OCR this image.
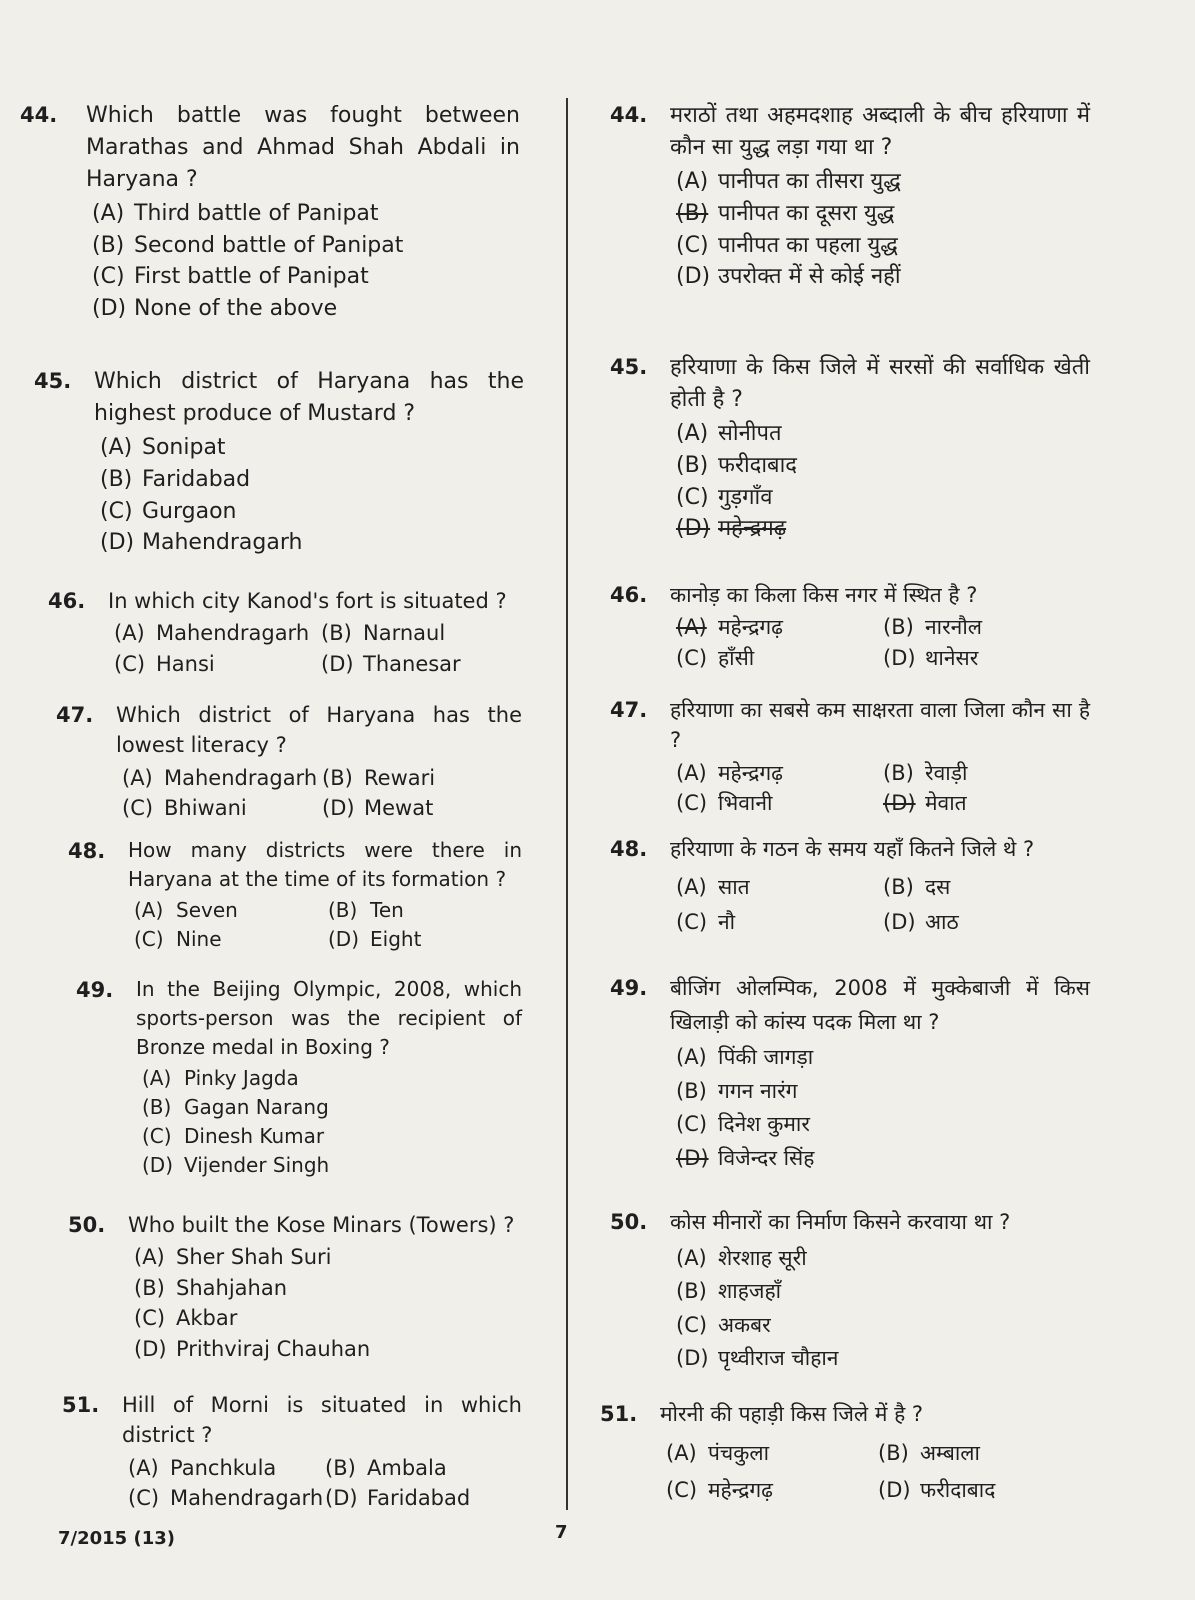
44. Which battle was fought between Marathas and Ahmad Shah Abdali in Haryana ?
(A) Third battle of Panipat
(B) Second battle of Panipat
(C) First battle of Panipat
(D) None of the above
45. Which district of Haryana has the highest produce of Mustard ?
(A) Sonipat
(B) Faridabad
(C) Gurgaon
(D) Mahendragarh
46. In which city Kanod's fort is situated ?
(A) Mahendragarh (B) Narnaul
(C) Hansi	(D) Thanesar
47. Which district of Haryana has the lowest literacy ?
(A) Mahendragarh (B) Rewari
(C) Bhiwani	(D) Mewat
48. How many districts were there in Haryana at the time of its formation ?
(A) Seven	(B) Ten
(C) Nine	(D) Eight
49. In the Beijing Olympic, 2008, which sports-person was the recipient of Bronze medal in Boxing ?
(A) Pinky Jagda
(B) Gagan Narang
(C) Dinesh Kumar
(D) Vijender Singh
50. Who built the Kose Minars (Towers) ?
(A) Sher Shah Suri
(B) Shahjahan
(C) Akbar
(D) Prithviraj Chauhan
51. Hill of Morni is situated in which district ?
(A) Panchkula	(B) Ambala
(C) Mahendragarh (D) Faridabad
44. मराठों तथा अहमदशाह अब्दाली के बीच हरियाणा में कौन सा युद्ध लड़ा गया था ?
(A) पानीपत का तीसरा युद्ध
(B) पानीपत का दूसरा युद्ध
(C) पानीपत का पहला युद्ध
(D) उपरोक्त में से कोई नहीं
45. हरियाणा के किस जिले में सरसों की सर्वाधिक खेती होती है ?
(A) सोनीपत
(B) फरीदाबाद
(C) गुड़गाँव
(D) महेन्द्रगढ़
46. कानोड़ का किला किस नगर में स्थित है ?
(A) महेन्द्रगढ़	(B) नारनौल
(C) हाँसी	(D) थानेसर
47. हरियाणा का सबसे कम साक्षरता वाला जिला कौन सा है ?
(A) महेन्द्रगढ़	(B) रेवाड़ी
(C) भिवानी	(D) मेवात
48. हरियाणा के गठन के समय यहाँ कितने जिले थे ?
(A) सात	(B) दस
(C) नौ	(D) आठ
49. बीजिंग ओलम्पिक, 2008 में मुक्केबाजी में किस खिलाड़ी को कांस्य पदक मिला था ?
(A) पिंकी जागड़ा
(B) गगन नारंग
(C) दिनेश कुमार
(D) विजेन्दर सिंह
50. कोस मीनारों का निर्माण किसने करवाया था ?
(A) शेरशाह सूरी
(B) शाहजहाँ
(C) अकबर
(D) पृथ्वीराज चौहान
51. मोरनी की पहाड़ी किस जिले में है ?
(A) पंचकुला	(B) अम्बाला
(C) महेन्द्रगढ़	(D) फरीदाबाद
7/2015 (13)	7
